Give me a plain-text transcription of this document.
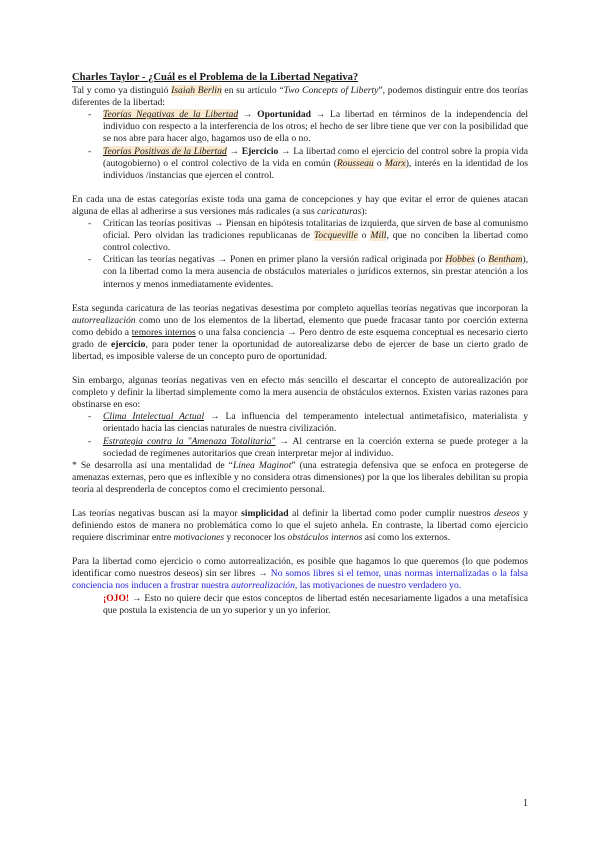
Charles Taylor - ¿Cuál es el Problema de la Libertad Negativa?

Tal y como ya distinguió Isaiah Berlin en su artículo “Two Concepts of Liberty”, podemos distinguir entre dos teorías diferentes de la libertad:

- Teorías Negativas de la Libertad → Oportunidad → La libertad en términos de la independencia del individuo con respecto a la interferencia de los otros; el hecho de ser libre tiene que ver con la posibilidad que se nos abre para hacer algo, hagamos uso de ella o no.
- Teorías Positivas de la Libertad → Ejercicio → La libertad como el ejercicio del control sobre la propia vida (autogobierno) o el control colectivo de la vida en común (Rousseau o Marx), interés en la identidad de los individuos /instancias que ejercen el control.

En cada una de estas categorías existe toda una gama de concepciones y hay que evitar el error de quienes atacan alguna de ellas al adherirse a sus versiones más radicales (a sus caricaturas):

- Critican las teorías positivas → Piensan en hipótesis totalitarias de izquierda, que sirven de base al comunismo oficial. Pero olvidan las tradiciones republicanas de Tocqueville o Mill, que no conciben la libertad como control colectivo.
- Critican las teorías negativas → Ponen en primer plano la versión radical originada por Hobbes (o Bentham), con la libertad como la mera ausencia de obstáculos materiales o jurídicos externos, sin prestar atención a los internos y menos inmediatamente evidentes.

Esta segunda caricatura de las teorías negativas desestima por completo aquellas teorías negativas que incorporan la autorrealización como uno de los elementos de la libertad, elemento que puede fracasar tanto por coerción externa como debido a temores internos o una falsa conciencia → Pero dentro de este esquema conceptual es necesario cierto grado de ejercicio, para poder tener la oportunidad de autorealizarse debo de ejercer de base un cierto grado de libertad, es imposible valerse de un concepto puro de oportunidad.

Sin embargo, algunas teorías negativas ven en efecto más sencillo el descartar el concepto de autorealización por completo y definir la libertad simplemente como la mera ausencia de obstáculos externos. Existen varias razones para obstinarse en eso:

- Clima Intelectual Actual → La influencia del temperamento intelectual antimetafísico, materialista y orientado hacia las ciencias naturales de nuestra civilización.
- Estrategia contra la "Amenaza Totalitaria" → Al centrarse en la coerción externa se puede proteger a la sociedad de regímenes autoritarios que crean interpretar mejor al individuo.

* Se desarrolla así una mentalidad de “Línea Maginot” (una estrategia defensiva que se enfoca en protegerse de amenazas externas, pero que es inflexible y no considera otras dimensiones) por la que los liberales debilitan su propia teoría al desprenderla de conceptos como el crecimiento personal.

Las teorías negativas buscan así la mayor simplicidad al definir la libertad como poder cumplir nuestros deseos y definiendo estos de manera no problemática como lo que el sujeto anhela. En contraste, la libertad como ejercicio requiere discriminar entre motivaciones y reconocer los obstáculos internos así como los externos.

Para la libertad como ejercicio o como autorrealización, es posible que hagamos lo que queremos (lo que podemos identificar como nuestros deseos) sin ser libres → No somos libres si el temor, unas normas internalizadas o la falsa conciencia nos inducen a frustrar nuestra autorrealización, las motivaciones de nuestro verdadero yo.

¡OJO! → Esto no quiere decir que estos conceptos de libertad estén necesariamente ligados a una metafísica que postula la existencia de un yo superior y un yo inferior.

1
